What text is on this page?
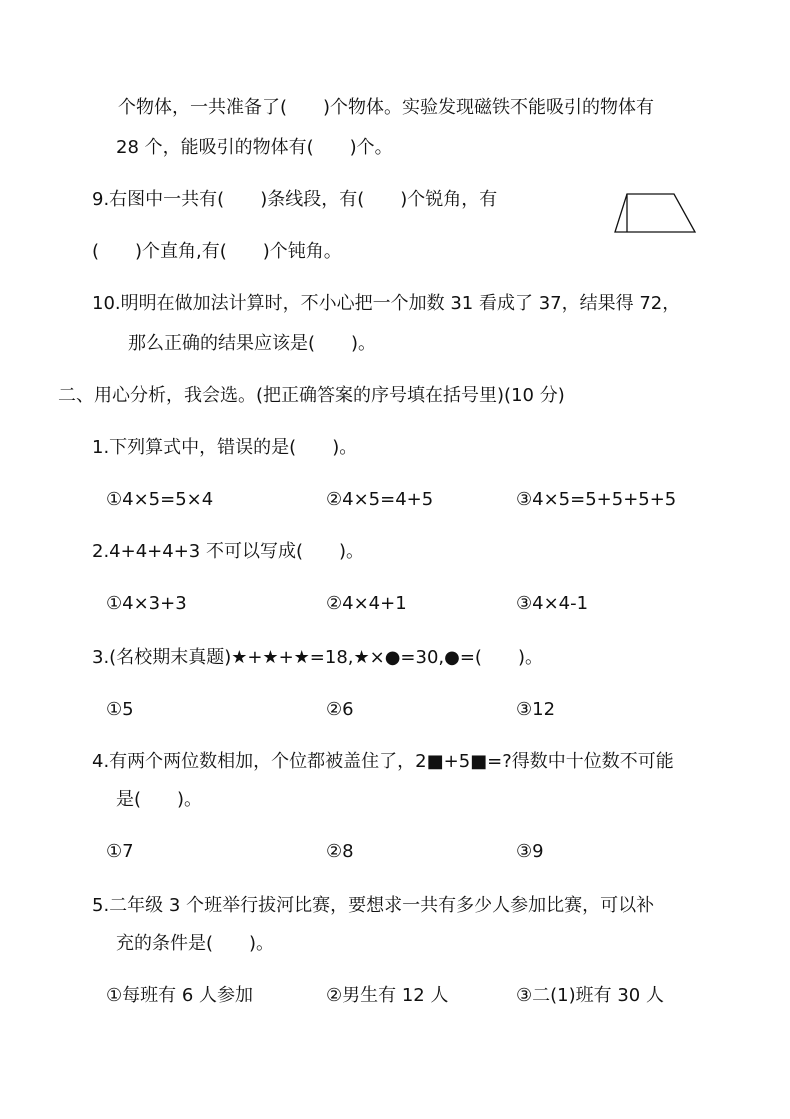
个物体，一共准备了(　　)个物体。实验发现磁铁不能吸引的物体有
28 个，能吸引的物体有(　　)个。
9.右图中一共有(　　)条线段，有(　　)个锐角，有
(　　)个直角,有(　　)个钝角。
10.明明在做加法计算时，不小心把一个加数 31 看成了 37，结果得 72，
那么正确的结果应该是(　　)。
二、用心分析，我会选。(把正确答案的序号填在括号里)(10 分)
1.下列算式中，错误的是(　　)。
①4×5=5×4	②4×5=4+5	③4×5=5+5+5+5
2.4+4+4+3 不可以写成(　　)。
①4×3+3	②4×4+1	③4×4-1
3.(名校期末真题)★+★+★=18,★×●=30,●=(　　)。
①5	②6	③12
4.有两个两位数相加，个位都被盖住了，2■+5■=?得数中十位数不可能
是(　　)。
①7	②8	③9
5.二年级 3 个班举行拔河比赛，要想求一共有多少人参加比赛，可以补
充的条件是(　　)。
①每班有 6 人参加	②男生有 12 人	③二(1)班有 30 人
